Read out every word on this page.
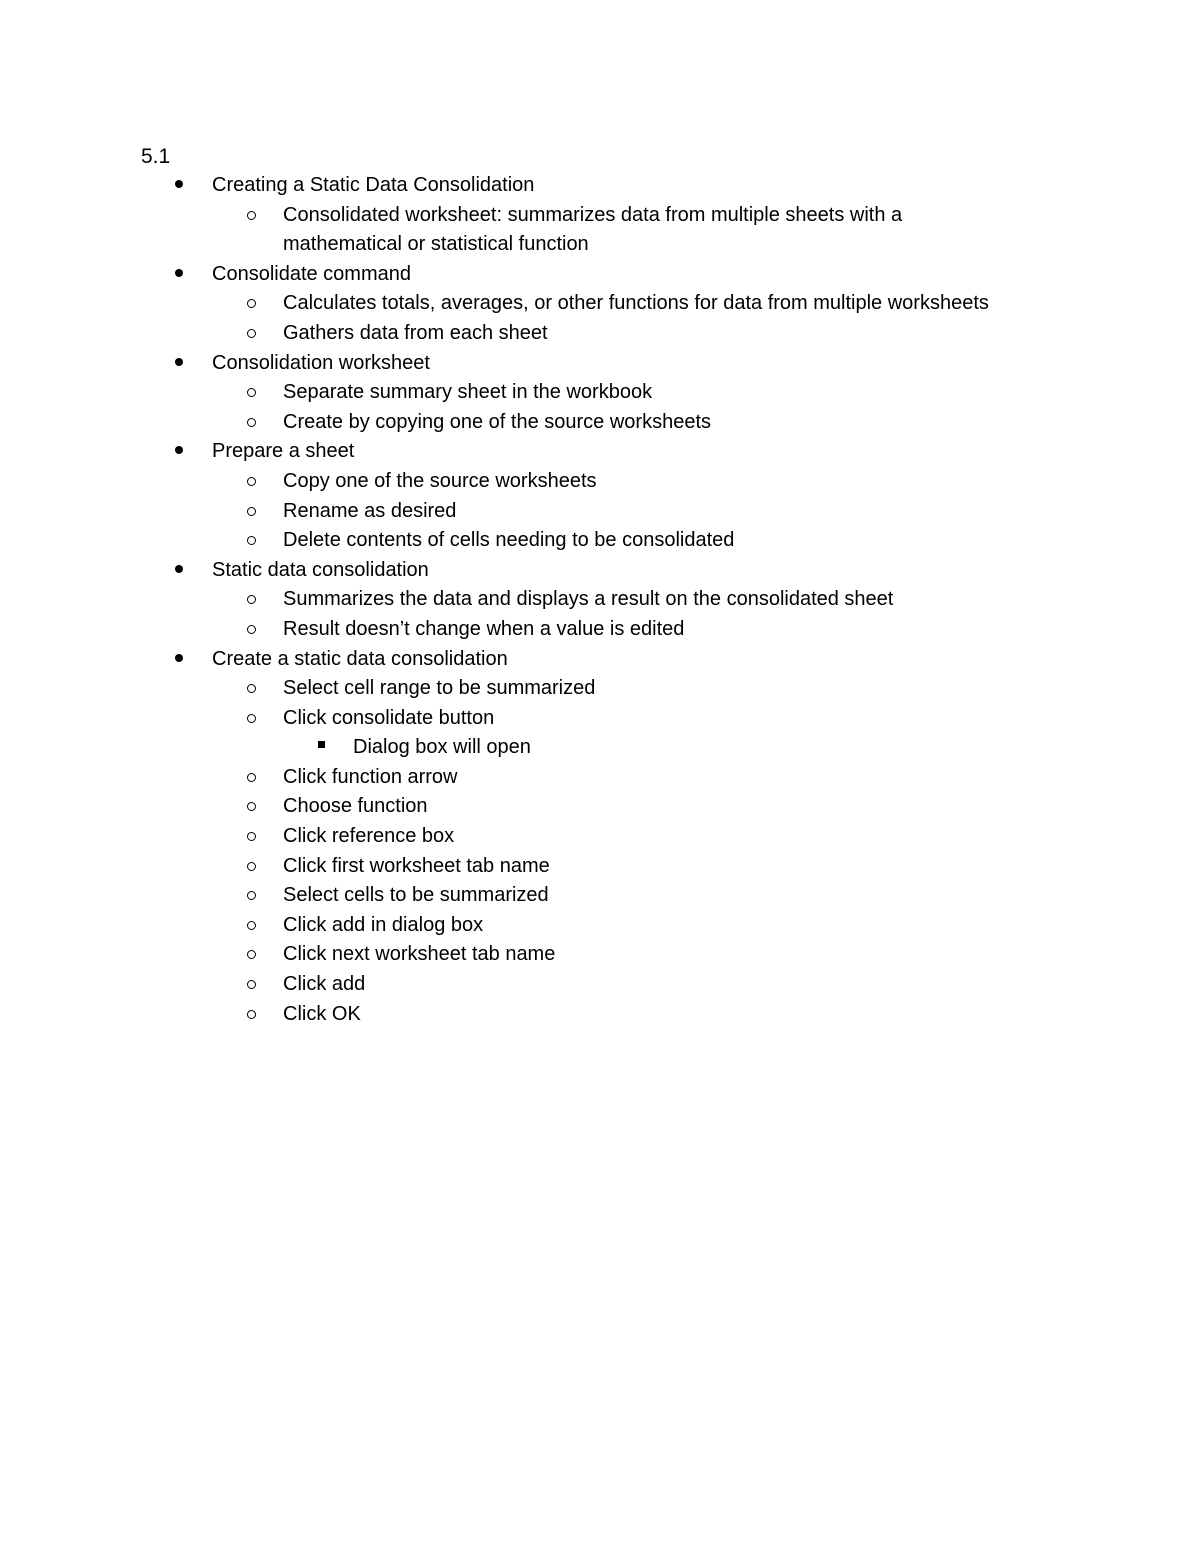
5.1
Creating a Static Data Consolidation
Consolidated worksheet: summarizes data from multiple sheets with a
mathematical or statistical function
Consolidate command
Calculates totals, averages, or other functions for data from multiple worksheets
Gathers data from each sheet
Consolidation worksheet
Separate summary sheet in the workbook
Create by copying one of the source worksheets
Prepare a sheet
Copy one of the source worksheets
Rename as desired
Delete contents of cells needing to be consolidated
Static data consolidation
Summarizes the data and displays a result on the consolidated sheet
Result doesn’t change when a value is edited
Create a static data consolidation
Select cell range to be summarized
Click consolidate button
Dialog box will open
Click function arrow
Choose function
Click reference box
Click first worksheet tab name
Select cells to be summarized
Click add in dialog box
Click next worksheet tab name
Click add
Click OK
